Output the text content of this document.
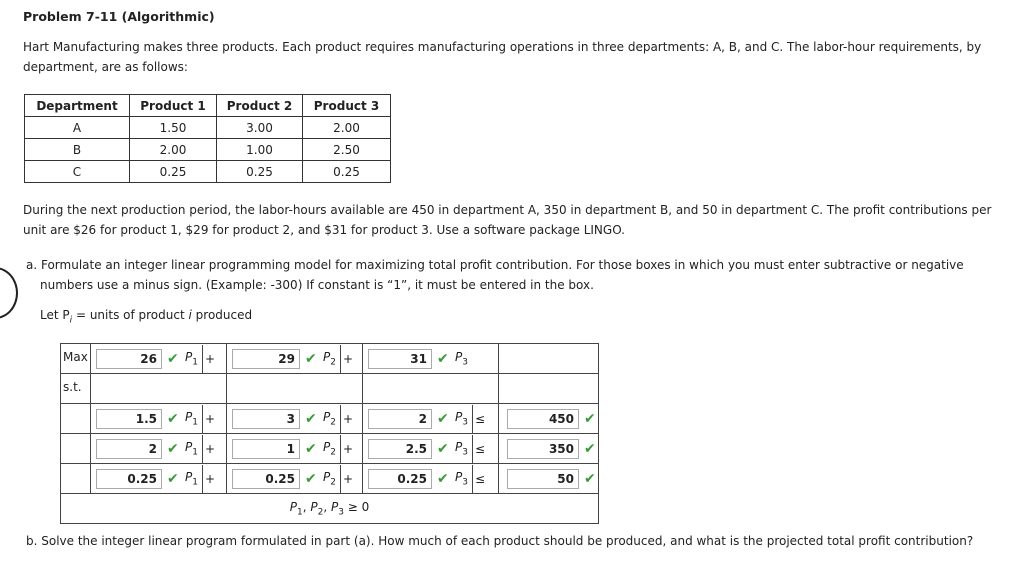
Problem 7-11 (Algorithmic)
Hart Manufacturing makes three products. Each product requires manufacturing operations in three departments: A, B, and C. The labor-hour requirements, by department, are as follows:
Department	Product 1	Product 2	Product 3
A	1.50	3.00	2.00
B	2.00	1.00	2.50
C	0.25	0.25	0.25
During the next production period, the labor-hours available are 450 in department A, 350 in department B, and 50 in department C. The profit contributions per unit are $26 for product 1, $29 for product 2, and $31 for product 3. Use a software package LINGO.
a. Formulate an integer linear programming model for maximizing total profit contribution. For those boxes in which you must enter subtractive or negative numbers use a minus sign. (Example: -300) If constant is “1”, it must be entered in the box.
Let $P_i$ = units of product i produced
Max	26 ✔ $P_1$ +	29 ✔ $P_2$ +	31 ✔ $P_3$

s.t.				

	1.5 ✔ $P_1$ +	3 ✔ $P_2$ +	2 ✔ $P_3$ ≤	450 ✔

	2 ✔ $P_1$ +	1 ✔ $P_2$ +	2.5 ✔ $P_3$ ≤	350 ✔

	0.25 ✔ $P_1$ +	0.25 ✔ $P_2$ +	0.25 ✔ $P_3$ ≤	50 ✔

$P_1$, $P_2$, $P_3 \ge 0$				
b. Solve the integer linear program formulated in part (a). How much of each product should be produced, and what is the projected total profit contribution?
